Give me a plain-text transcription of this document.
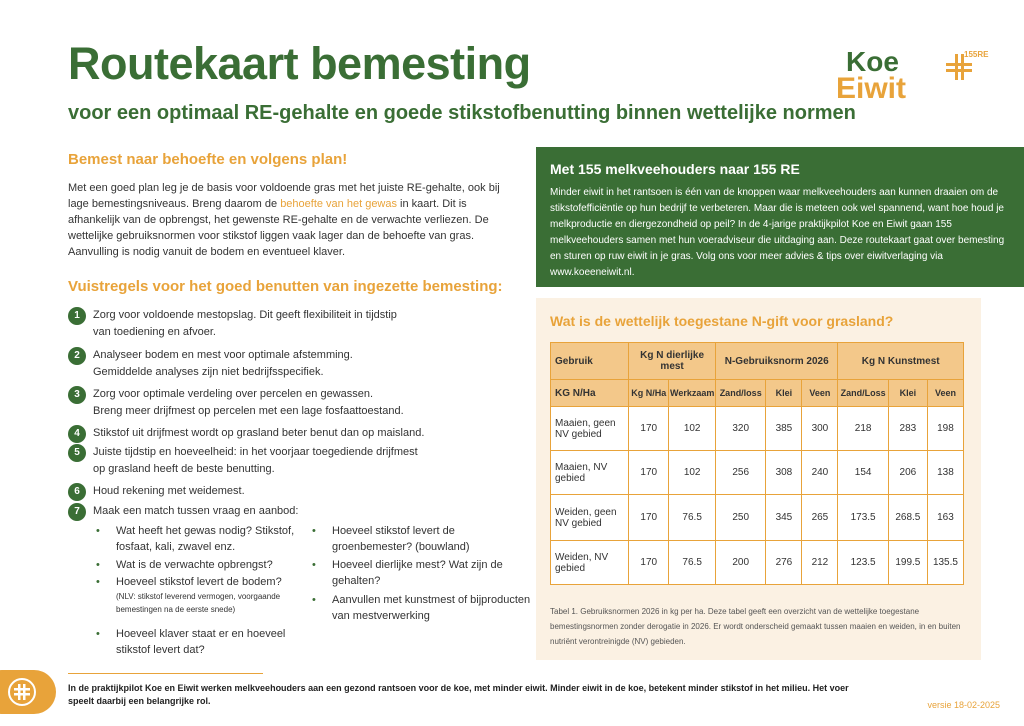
Routekaart bemesting
voor een optimaal RE-gehalte en goede stikstofbenutting binnen wettelijke normen
Koe
Eiwit
155RE
Bemest naar behoefte en volgens plan!
Met een goed plan leg je de basis voor voldoende gras met het juiste RE-gehalte, ook bij lage bemestingsniveaus. Breng daarom de behoefte van het gewas in kaart. Dit is afhankelijk van de opbrengst, het gewenste RE-gehalte en de verwachte verliezen. De wettelijke gebruiksnormen voor stikstof liggen vaak lager dan de behoefte van gras. Aanvulling is nodig vanuit de bodem en eventueel klaver.
Vuistregels voor het goed benutten van ingezette bemesting:
1	Zorg voor voldoende mestopslag. Dit geeft flexibiliteit in tijdstip
van toediening en afvoer.
2	Analyseer bodem en mest voor optimale afstemming.
Gemiddelde analyses zijn niet bedrijfsspecifiek.
3	Zorg voor optimale verdeling over percelen en gewassen.
Breng meer drijfmest op percelen met een lage fosfaattoestand.
4	Stikstof uit drijfmest wordt op grasland beter benut dan op maisland.
5	Juiste tijdstip en hoeveelheid: in het voorjaar toegediende drijfmest
op grasland heeft de beste benutting.
6	Houd rekening met weidemest.
7	Maak een match tussen vraag en aanbod:
• Wat heeft het gewas nodig? Stikstof, fosfaat, kali, zwavel enz.
• Wat is de verwachte opbrengst?
• Hoeveel stikstof levert de bodem?
(NLV: stikstof leverend vermogen, voorgaande bemestingen na de eerste snede)
• Hoeveel klaver staat er en hoeveel stikstof levert dat?
• Hoeveel stikstof levert de groenbemester? (bouwland)
• Hoeveel dierlijke mest? Wat zijn de gehalten?
• Aanvullen met kunstmest of bijproducten van mestverwerking
Met 155 melkveehouders naar 155 RE
Minder eiwit in het rantsoen is één van de knoppen waar melkveehouders aan kunnen draaien om de stikstofefficiëntie op hun bedrijf te verbeteren. Maar die is meteen ook wel spannend, want hoe houd je melkproductie en diergezondheid op peil? In de 4-jarige praktijkpilot Koe en Eiwit gaan 155 melkveehouders samen met hun voeradviseur die uitdaging aan. Deze routekaart gaat over bemesting en sturen op ruw eiwit in je gras. Volg ons voor meer advies & tips over eiwitverlaging via www.koeeneiwit.nl.
Wat is de wettelijk toegestane N-gift voor grasland?
Gebruik	Kg N dierlijke mest		N-Gebruiksnorm 2026			Kg N Kunstmest		
KG N/Ha	Kg N/Ha	Werkzaam	Zand/loss	Klei	Veen	Zand/Loss	Klei	Veen
Maaien, geen NV gebied	170	102	320	385	300	218	283	198
Maaien, NV gebied	170	102	256	308	240	154	206	138
Weiden, geen NV gebied	170	76.5	250	345	265	173.5	268.5	163
Weiden, NV gebied	170	76.5	200	276	212	123.5	199.5	135.5
Tabel 1. Gebruiksnormen 2026 in kg per ha. Deze tabel geeft een overzicht van de wettelijke toegestane bemestingsnormen zonder derogatie in 2026. Er wordt onderscheid gemaakt tussen maaien en weiden, in en buiten nutriënt verontreinigde (NV) gebieden.
In de praktijkpilot Koe en Eiwit werken melkveehouders aan een gezond rantsoen voor de koe, met minder eiwit. Minder eiwit in de koe, betekent minder stikstof in het milieu. Het voer speelt daarbij een belangrijke rol.	versie 18-02-2025
